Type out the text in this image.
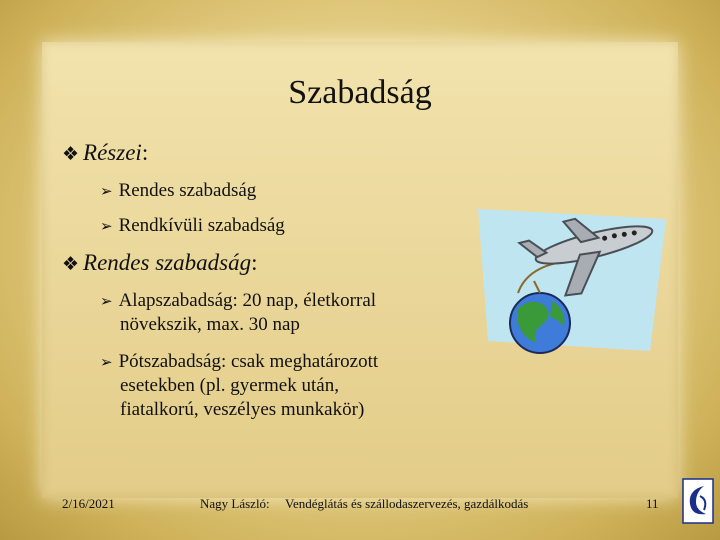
Szabadság
❖ Részei:
➢ Rendes szabadság
➢ Rendkívüli szabadság
❖ Rendes szabadság:
➢ Alapszabadság: 20 nap, életkorral
növekszik, max. 30 nap
➢ Pótszabadság: csak meghatározott
esetekben (pl. gyermek után,
fiatalkorú, veszélyes munkakör)
2/16/2021	Nagy László: Vendéglátás és szállodaszervezés, gazdálkodás	11
